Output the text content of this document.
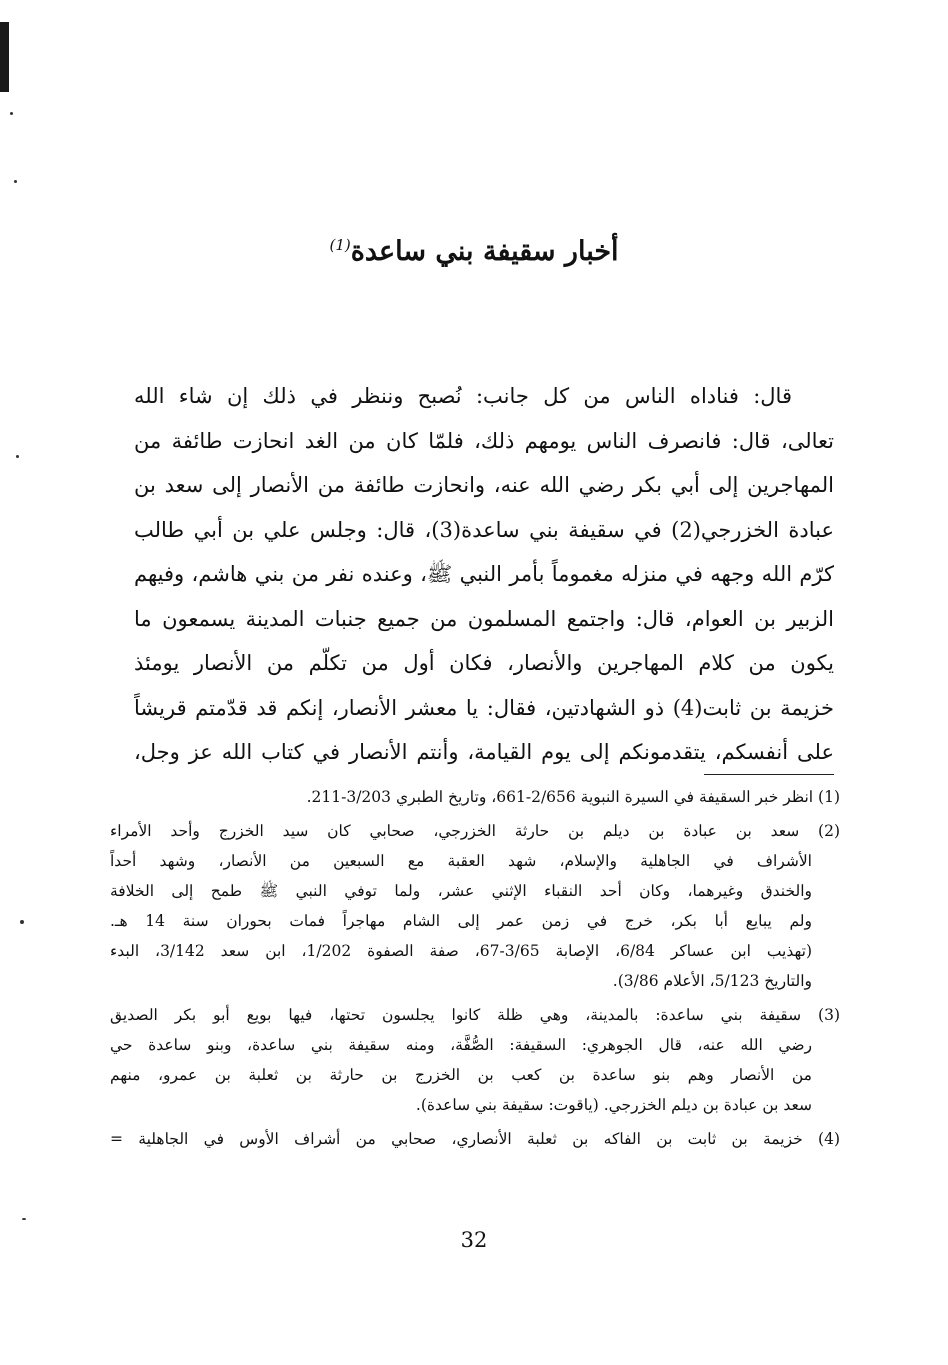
أخبار سقيفة بني ساعدة$^{(1)}$
قال: فناداه الناس من كل جانب: نُصبح وننظر في ذلك إن شاء الله
تعالى، قال: فانصرف الناس يومهم ذلك، فلمّا كان من الغد انحازت طائفة من
المهاجرين إلى أبي بكر رضي الله عنه، وانحازت طائفة من الأنصار إلى سعد بن
عبادة الخزرجي(2) في سقيفة بني ساعدة(3)، قال: وجلس علي بن أبي طالب
كرّم الله وجهه في منزله مغموماً بأمر النبي ﷺ، وعنده نفر من بني هاشم، وفيهم
الزبير بن العوام، قال: واجتمع المسلمون من جميع جنبات المدينة يسمعون ما
يكون من كلام المهاجرين والأنصار، فكان أول من تكلّم من الأنصار يومئذ
خزيمة بن ثابت(4) ذو الشهادتين، فقال: يا معشر الأنصار، إنكم قد قدّمتم قريشاً
على أنفسكم، يتقدمونكم إلى يوم القيامة، وأنتم الأنصار في كتاب الله عز وجل،
(1) انظر خبر السقيفة في السيرة النبوية 2/656-661، وتاريخ الطبري 3/203-211.
(2) سعد بن عبادة بن ديلم بن حارثة الخزرجي، صحابي كان سيد الخزرج وأحد الأمراء
الأشراف في الجاهلية والإسلام، شهد العقبة مع السبعين من الأنصار، وشهد أحداً
والخندق وغيرهما، وكان أحد النقباء الإثني عشر، ولما توفي النبي ﷺ طمح إلى الخلافة
ولم يبايع أبا بكر، خرج في زمن عمر إلى الشام مهاجراً فمات بحوران سنة 14 هـ.
(تهذيب ابن عساكر 6/84، الإصابة 3/65-67، صفة الصفوة 1/202، ابن سعد 3/142، البدء
والتاريخ 5/123، الأعلام 3/86).
(3) سقيفة بني ساعدة: بالمدينة، وهي ظلة كانوا يجلسون تحتها، فيها بويع أبو بكر الصديق
رضي الله عنه، قال الجوهري: السقيفة: الصُّفَّة، ومنه سقيفة بني ساعدة، وبنو ساعدة حي
من الأنصار وهم بنو ساعدة بن كعب بن الخزرج بن حارثة بن ثعلبة بن عمرو، منهم
سعد بن عبادة بن ديلم الخزرجي. (ياقوت: سقيفة بني ساعدة).
(4) خزيمة بن ثابت بن الفاكه بن ثعلبة الأنصاري، صحابي من أشراف الأوس في الجاهلية =
32
